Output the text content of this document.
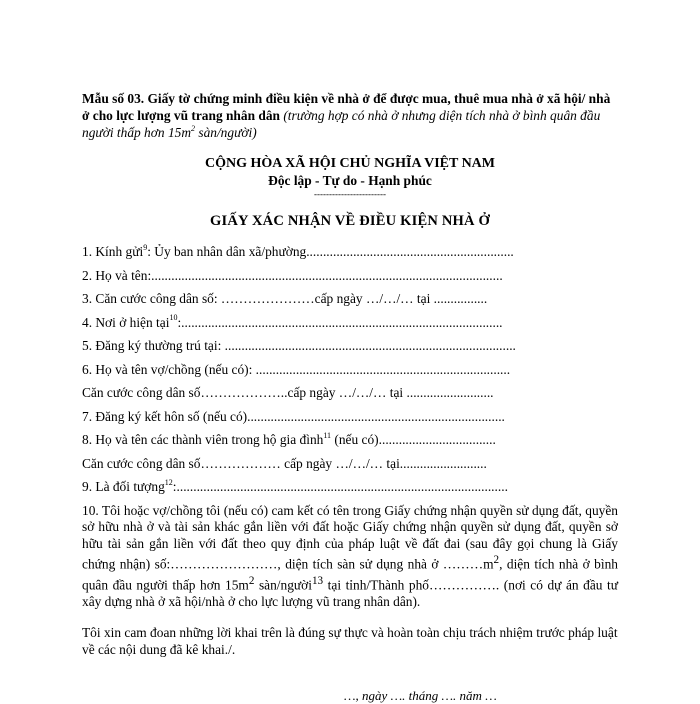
Mẫu số 03. Giấy tờ chứng minh điều kiện về nhà ở để được mua, thuê mua nhà ở xã hội/ nhà ở cho lực lượng vũ trang nhân dân (trường hợp có nhà ở nhưng diện tích nhà ở bình quân đầu người thấp hơn $15m^2$ sàn/người)

CỘNG HÒA XÃ HỘI CHỦ NGHĨA VIỆT NAM

Độc lập - Tự do - Hạnh phúc

------------------------

GIẤY XÁC NHẬN VỀ ĐIỀU KIỆN NHÀ Ở

1. Kính gửi$^9$: Ủy ban nhân dân xã/phường..............................................................
2. Họ và tên:.........................................................................................................
3. Căn cước công dân số: …………………cấp ngày …/…/… tại ................
4. Nơi ở hiện tại$^{10}$:................................................................................................
5. Đăng ký thường trú tại: .......................................................................................
6. Họ và tên vợ/chồng (nếu có): ............................................................................
Căn cước công dân số………………..cấp ngày …/…/… tại ..........................
7. Đăng ký kết hôn số (nếu có).............................................................................
8. Họ và tên các thành viên trong hộ gia đình$^{11}$ (nếu có)...................................
Căn cước công dân số……………… cấp ngày …/…/… tại..........................
9. Là đối tượng$^{12}$:...................................................................................................

10. Tôi hoặc vợ/chồng tôi (nếu có) cam kết có tên trong Giấy chứng nhận quyền sử dụng đất, quyền sở hữu nhà ở và tài sản khác gắn liền với đất hoặc Giấy chứng nhận quyền sử dụng đất, quyền sở hữu tài sản gắn liền với đất theo quy định của pháp luật về đất đai (sau đây gọi chung là Giấy chứng nhận) số:……………………, diện tích sàn sử dụng nhà ở $\dots\dots\dots m^2$, diện tích nhà ở bình quân đầu người thấp hơn $15m^2$ sàn/người$^{13}$ tại tỉnh/Thành phố……………. (nơi có dự án đầu tư xây dựng nhà ở xã hội/nhà ở cho lực lượng vũ trang nhân dân).

Tôi xin cam đoan những lời khai trên là đúng sự thực và hoàn toàn chịu trách nhiệm trước pháp luật về các nội dung đã kê khai./.

…, ngày …. tháng …. năm …
